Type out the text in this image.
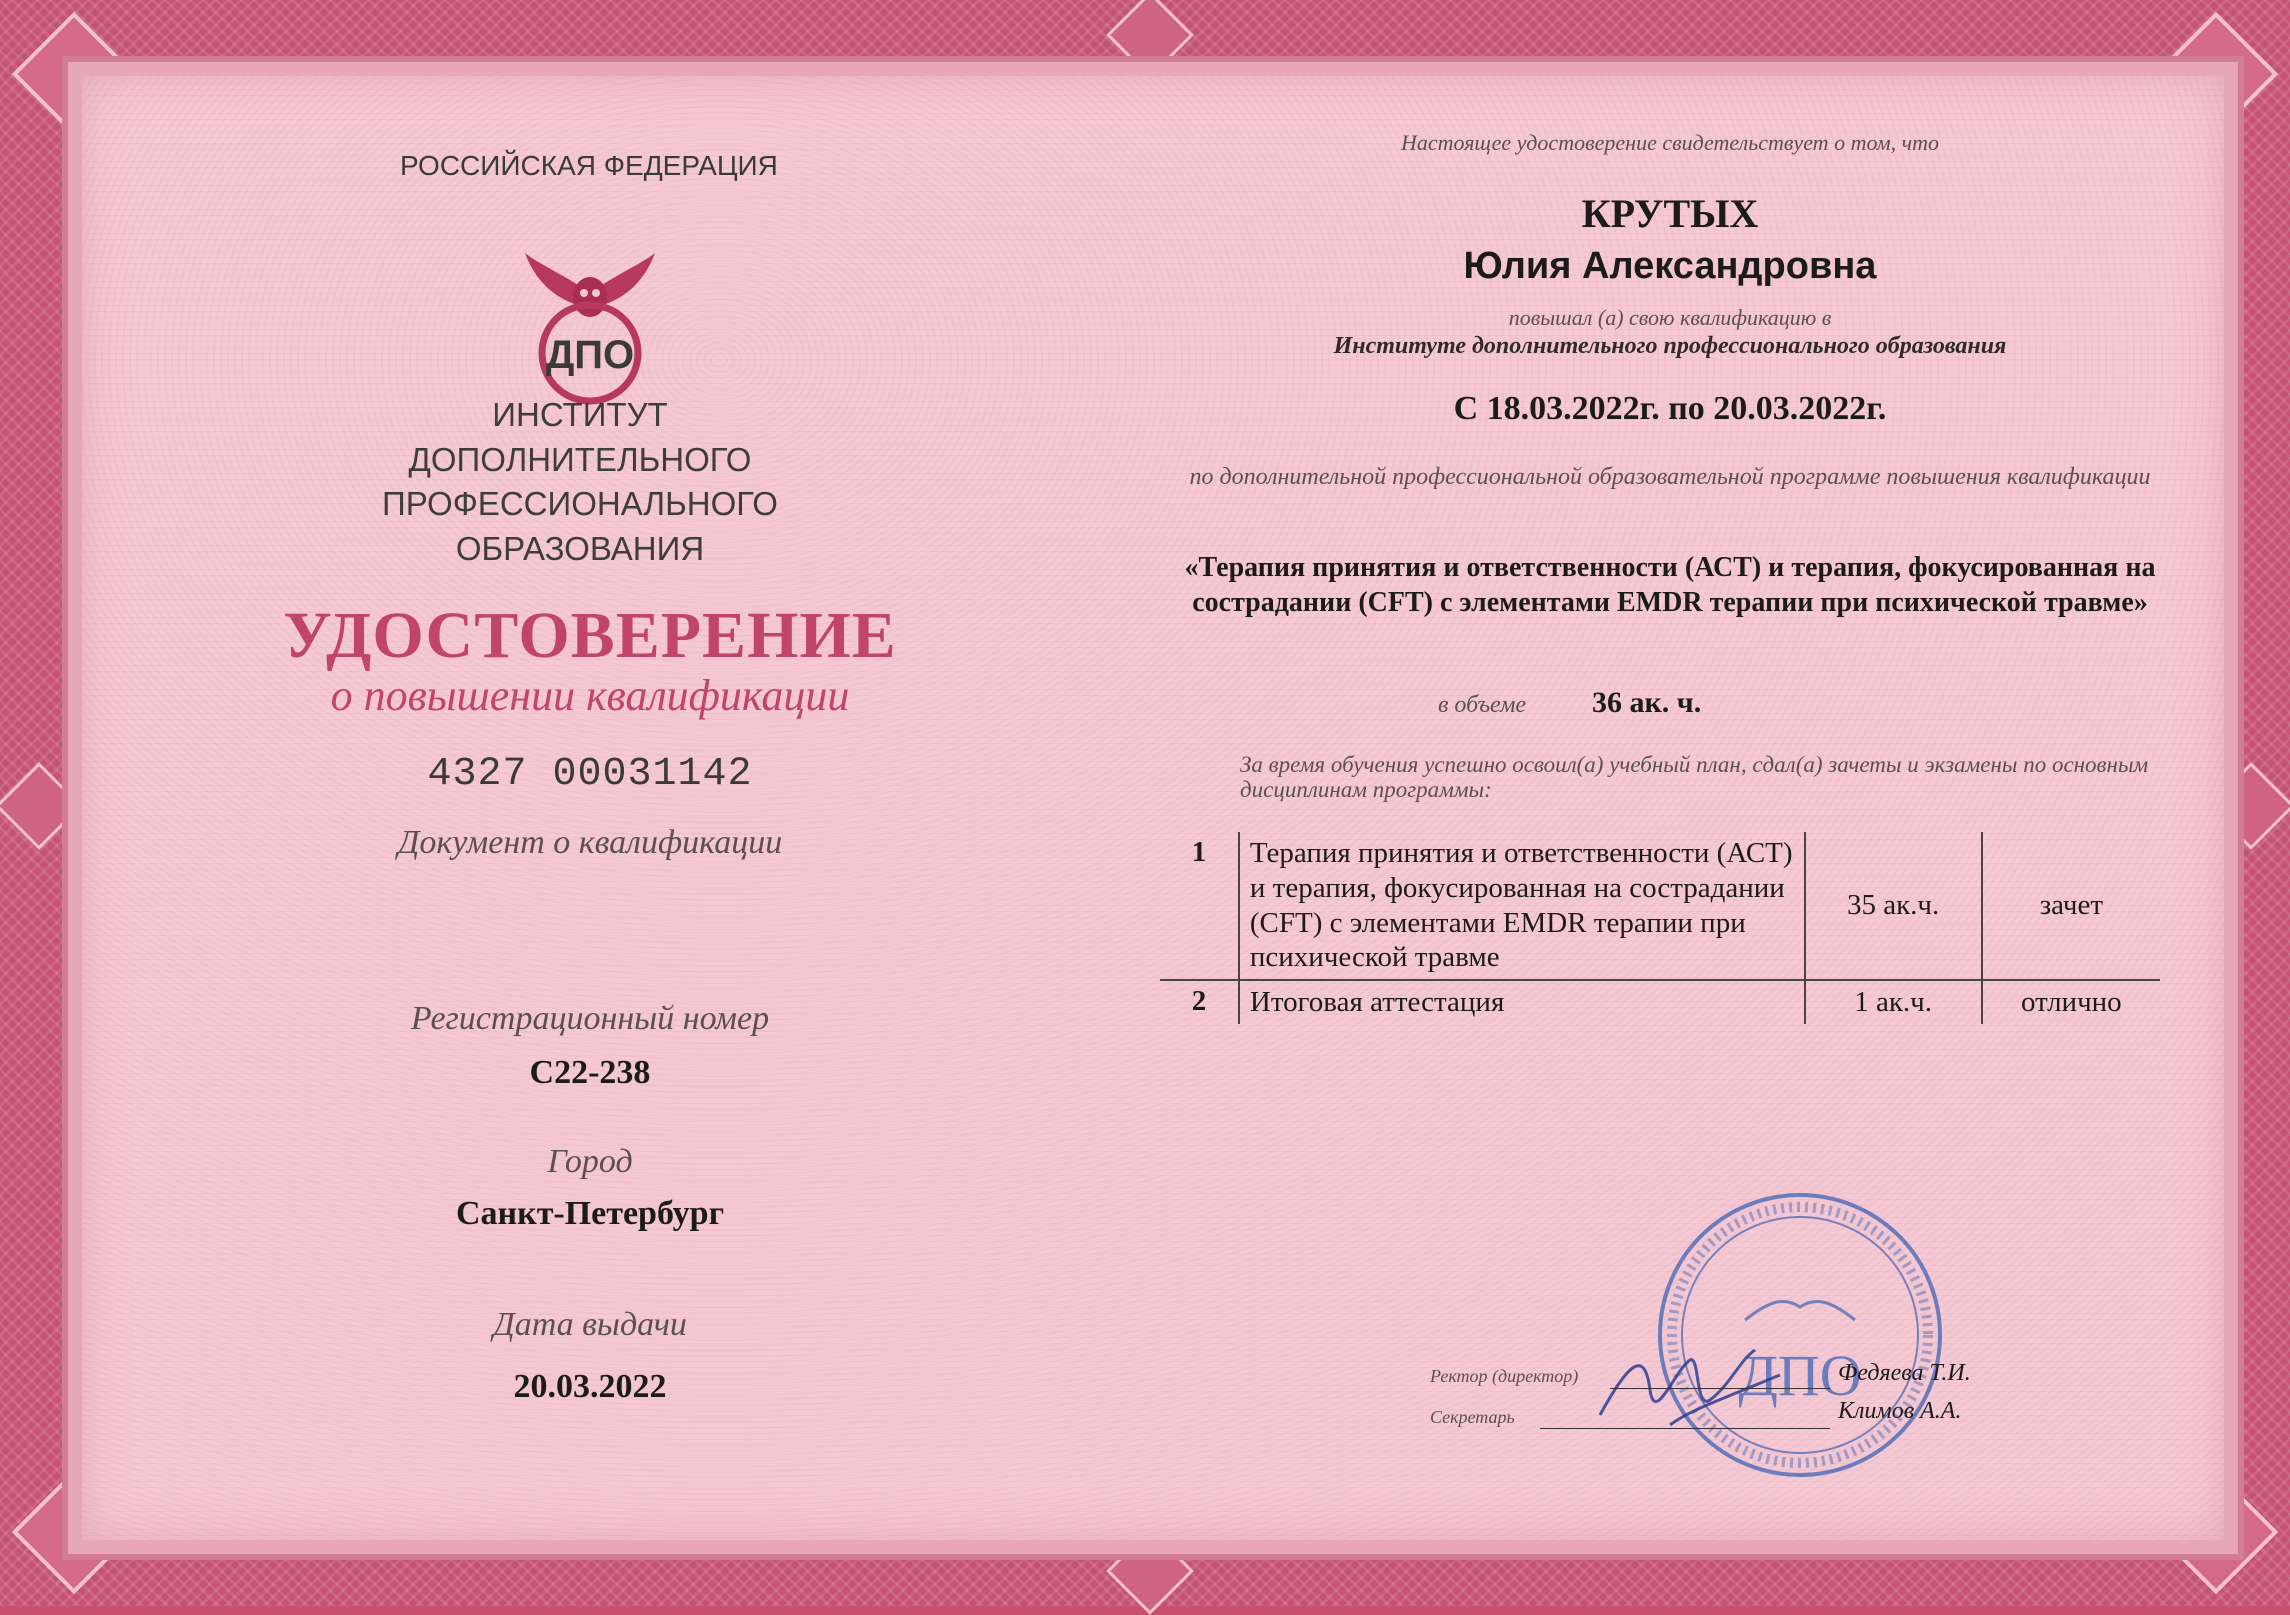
РОССИЙСКАЯ ФЕДЕРАЦИЯ
ДПО
ИНСТИТУТ ДОПОЛНИТЕЛЬНОГО ПРОФЕССИОНАЛЬНОГО ОБРАЗОВАНИЯ
УДОСТОВЕРЕНИЕ
о повышении квалификации
4327 00031142
Документ о квалификации
Регистрационный номер
С22-238
Город
Санкт-Петербург
Дата выдачи
20.03.2022
Настоящее удостоверение свидетельствует о том, что
КРУТЫХ
Юлия Александровна
повышал (а) свою квалификацию в
Институте дополнительного профессионального образования
С 18.03.2022г. по 20.03.2022г.
по дополнительной профессиональной образовательной программе повышения квалификации
«Терапия принятия и ответственности (АСТ) и терапия, фокусированная на сострадании (CFT) с элементами EMDR терапии при психической травме»
в объеме 36 ак. ч.
За время обучения успешно освоил(а) учебный план, сдал(а) зачеты и экзамены по основным дисциплинам программы:
1	Терапия принятия и ответственности (АСТ) и терапия, фокусированная на сострадании (CFT) с элементами EMDR терапии при психической травме	35 ак.ч.	зачет
2	Итоговая аттестация	1 ак.ч.	отлично
ДПО
Ректор (директор)	Федяева Т.И.
Секретарь	Климов А.А.
